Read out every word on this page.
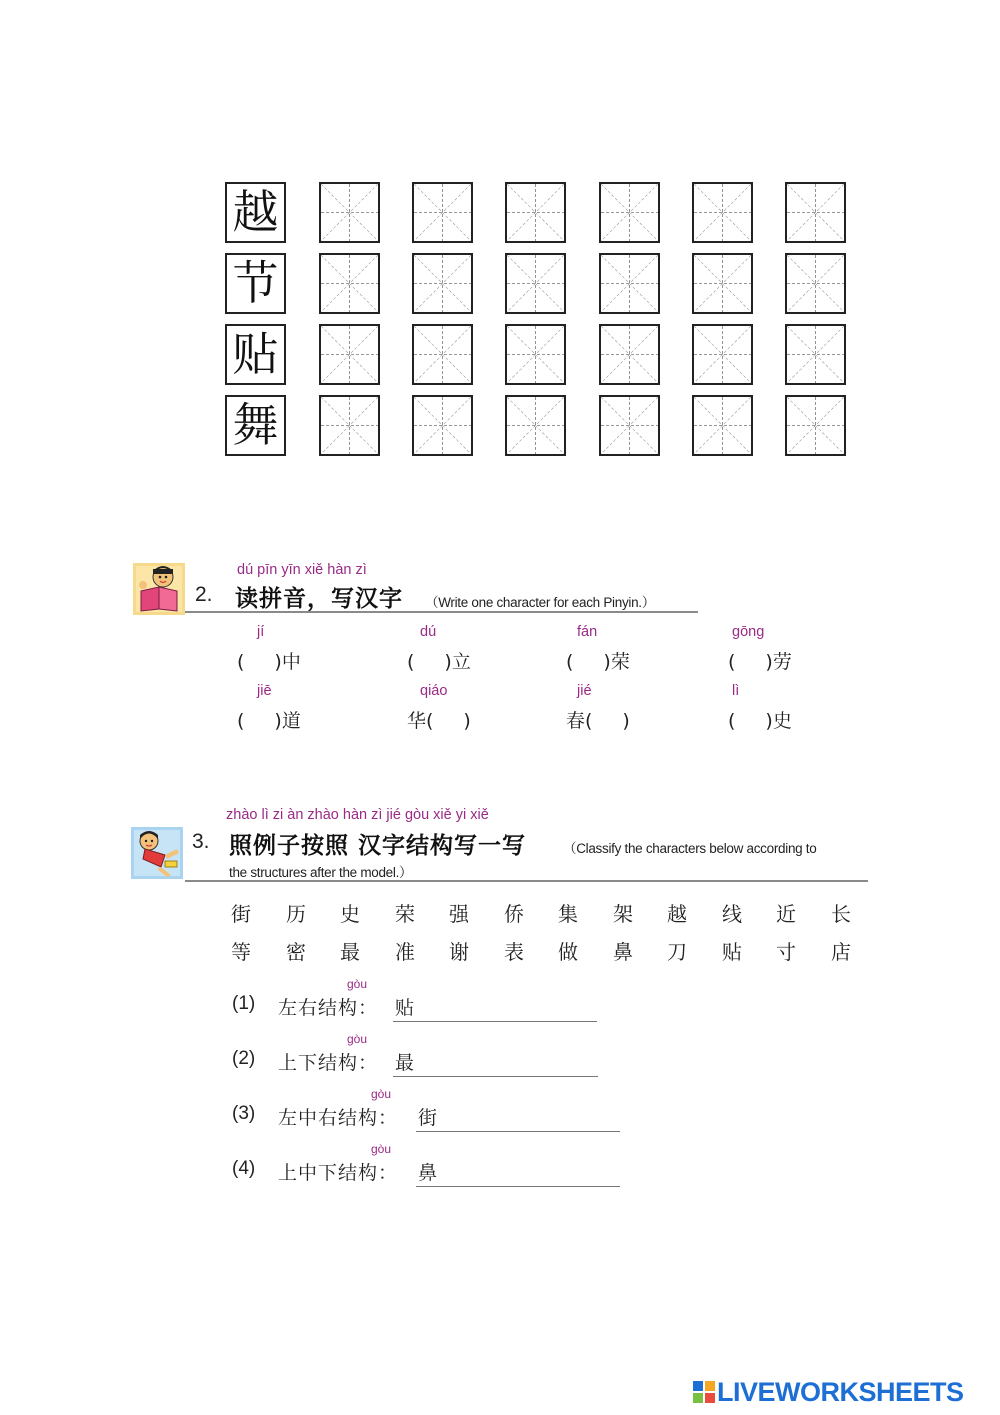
越
节
贴
舞
dú pīn yīn xiě hàn zì
2. 读拼音，写汉字 （Write one character for each Pinyin.）
jí
( )中
dú
( )立
fán
( )荣
gōng
( )劳
jiē
( )道
qiáo
华( )
jié
春( )
lì
( )史
zhào lì zi àn zhào hàn zì jié gòu xiě yi xiě
3. 照例子按照 汉字结构写一写	（Classify the characters below according to
the structures after the model.）
街 历 史 荣 强 侨 集 架 越 线 近 长
等 密 最 准 谢 表 做 鼻 刀 贴 寸 店
gòu
(1) 左右结构： 贴
gòu
(2) 上下结构： 最
gòu
(3) 左中右结构： 街
gòu
(4) 上中下结构： 鼻
LIVEWORKSHEETS
